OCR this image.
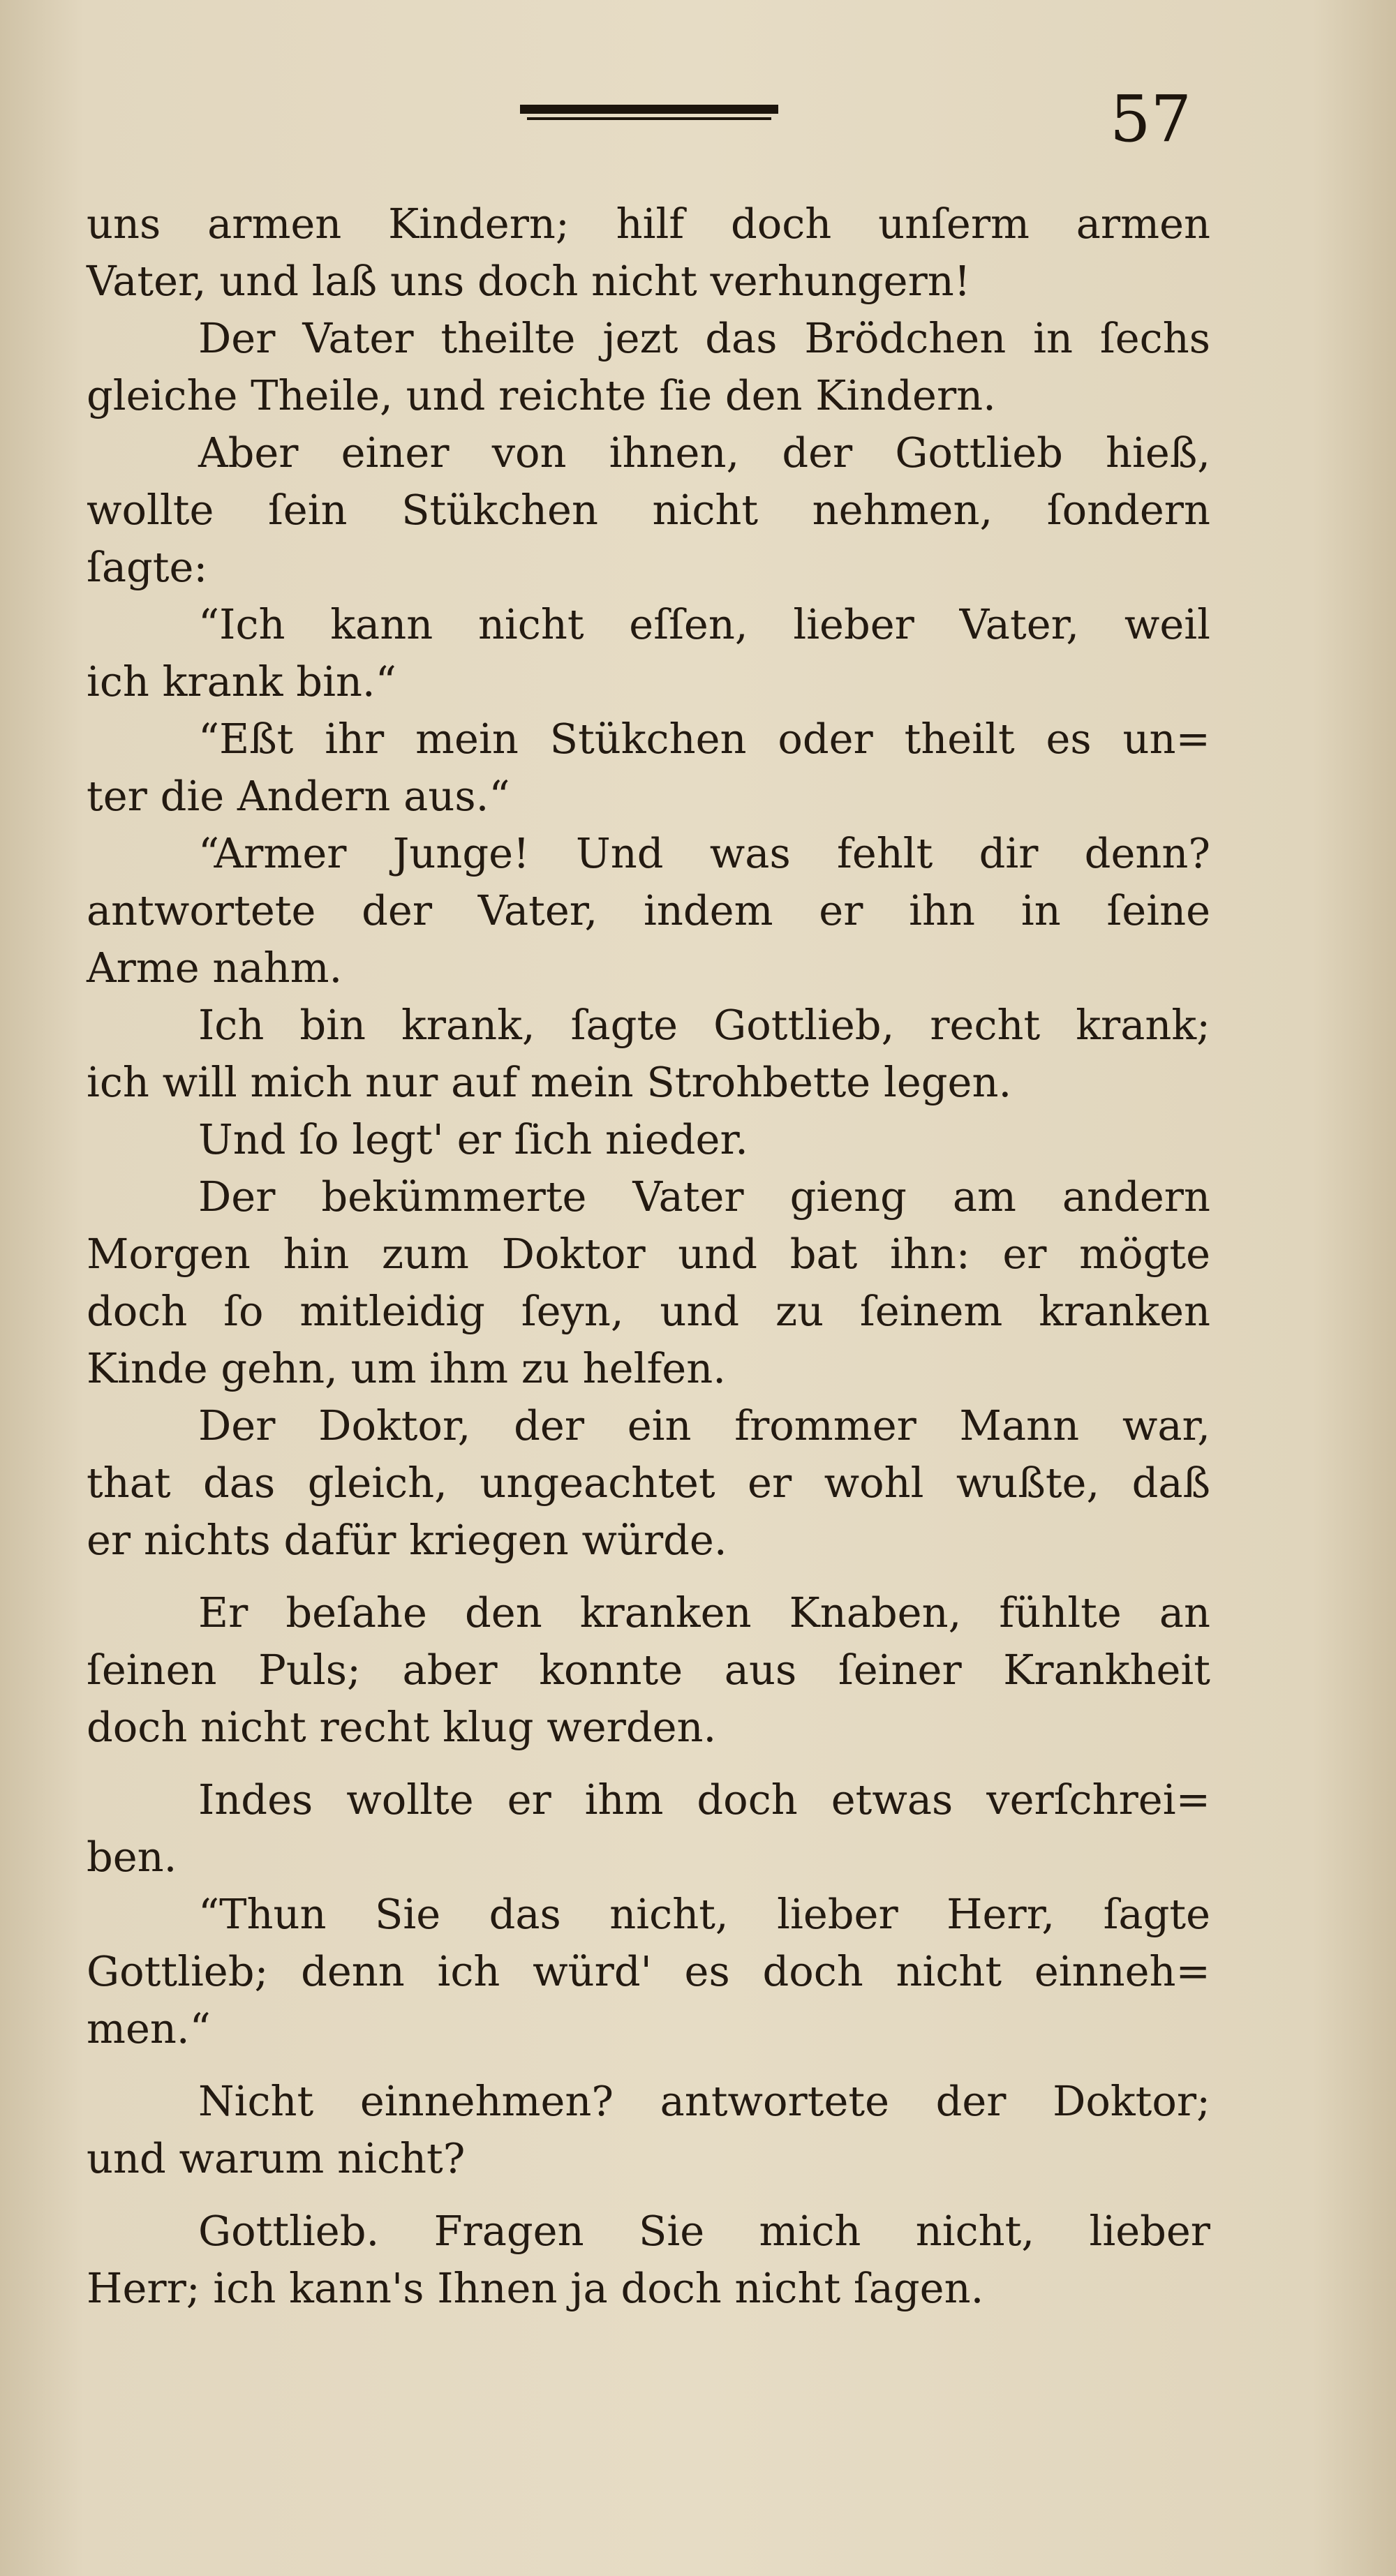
57
uns armen Kindern; hilf doch unſerm armen
Vater, und laß uns doch nicht verhungern!
Der Vater theilte jezt das Brödchen in ſechs
gleiche Theile, und reichte ſie den Kindern.
Aber einer von ihnen, der Gottlieb hieß,
wollte ſein Stükchen nicht nehmen, ſondern
ſagte:
“Ich kann nicht eſſen, lieber Vater, weil
ich krank bin.“
“Eßt ihr mein Stükchen oder theilt es un=
ter die Andern aus.“
“Armer Junge! Und was fehlt dir denn?
antwortete der Vater, indem er ihn in ſeine
Arme nahm.
Ich bin krank, ſagte Gottlieb, recht krank;
ich will mich nur auf mein Strohbette legen.
Und ſo legt' er ſich nieder.
Der bekümmerte Vater gieng am andern
Morgen hin zum Doktor und bat ihn: er mögte
doch ſo mitleidig ſeyn, und zu ſeinem kranken
Kinde gehn, um ihm zu helfen.
Der Doktor, der ein frommer Mann war,
that das gleich, ungeachtet er wohl wußte, daß
er nichts dafür kriegen würde.
Er beſahe den kranken Knaben, fühlte an
ſeinen Puls; aber konnte aus ſeiner Krankheit
doch nicht recht klug werden.
Indes wollte er ihm doch etwas verſchrei=
ben.
“Thun Sie das nicht, lieber Herr, ſagte
Gottlieb; denn ich würd' es doch nicht einneh=
men.“
Nicht einnehmen? antwortete der Doktor;
und warum nicht?
Gottlieb. Fragen Sie mich nicht, lieber
Herr; ich kann's Ihnen ja doch nicht ſagen.
